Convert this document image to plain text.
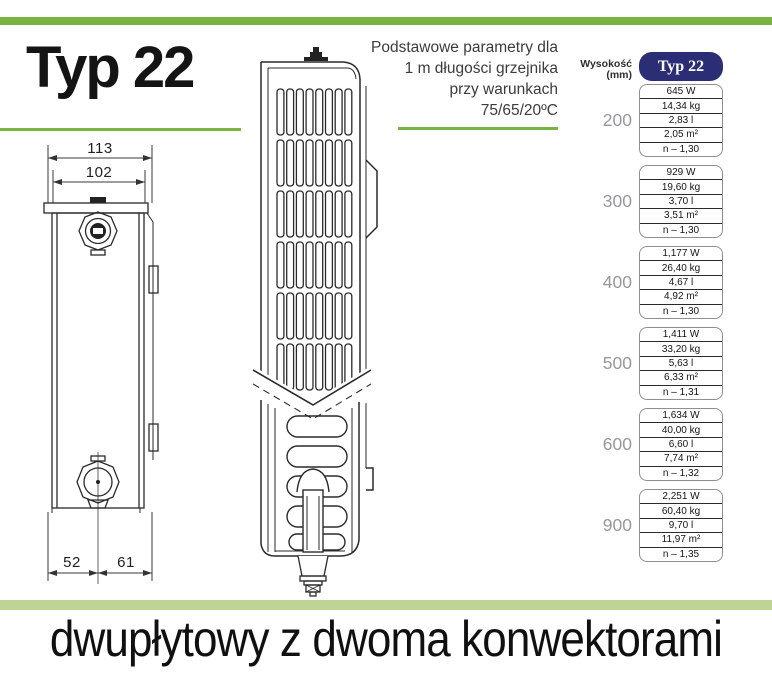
Typ 22	Podstawowe parametry dla
1 m długości grzejnika
przy warunkach
75/65/20ºC
113
102
52 61
Wysokość (mm)
Typ 22
200
645 W
14,34 kg
2,83 l
2,05 m²
n – 1,30
300
929 W
19,60 kg
3,70 l
3,51 m²
n – 1,30
400
1,177 W
26,40 kg
4,67 l
4,92 m²
n – 1,30
500
1,411 W
33,20 kg
5,63 l
6,33 m²
n – 1,31
600
1,634 W
40,00 kg
6,60 l
7,74 m²
n – 1,32
900
2,251 W
60,40 kg
9,70 l
11,97 m²
n – 1,35
dwupłytowy z dwoma konwektorami
